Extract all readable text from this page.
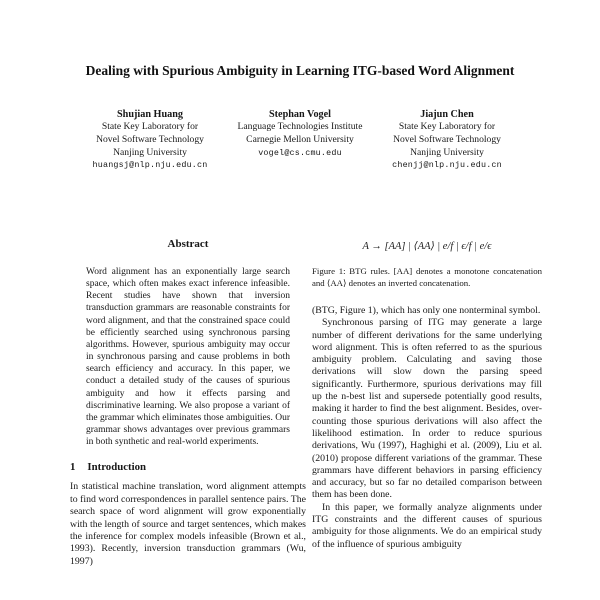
Dealing with Spurious Ambiguity in Learning ITG-based Word Alignment
Shujian Huang
State Key Laboratory for
Novel Software Technology
Nanjing University
huangsj@nlp.nju.edu.cn
Stephan Vogel
Language Technologies Institute
Carnegie Mellon University
vogel@cs.cmu.edu
Jiajun Chen
State Key Laboratory for
Novel Software Technology
Nanjing University
chenjj@nlp.nju.edu.cn
Abstract
Word alignment has an exponentially large search space, which often makes exact inference infeasible. Recent studies have shown that inversion transduction grammars are reasonable constraints for word alignment, and that the constrained space could be efficiently searched using synchronous parsing algorithms. However, spurious ambiguity may occur in synchronous parsing and cause problems in both search efficiency and accuracy. In this paper, we conduct a detailed study of the causes of spurious ambiguity and how it effects parsing and discriminative learning. We also propose a variant of the grammar which eliminates those ambiguities. Our grammar shows advantages over previous grammars in both synthetic and real-world experiments.
1 Introduction
In statistical machine translation, word alignment attempts to find word correspondences in parallel sentence pairs. The search space of word alignment will grow exponentially with the length of source and target sentences, which makes the inference for complex models infeasible (Brown et al., 1993). Recently, inversion transduction grammars (Wu, 1997)
A → [AA] | ⟨AA⟩ | e/f | ϵ/f | e/ϵ
Figure 1: BTG rules. [AA] denotes a monotone concatenation and ⟨AA⟩ denotes an inverted concatenation.
(BTG, Figure 1), which has only one nonterminal symbol.
Synchronous parsing of ITG may generate a large number of different derivations for the same underlying word alignment. This is often referred to as the spurious ambiguity problem. Calculating and saving those derivations will slow down the parsing speed significantly. Furthermore, spurious derivations may fill up the n-best list and supersede potentially good results, making it harder to find the best alignment. Besides, over-counting those spurious derivations will also affect the likelihood estimation. In order to reduce spurious derivations, Wu (1997), Haghighi et al. (2009), Liu et al. (2010) propose different variations of the grammar. These grammars have different behaviors in parsing efficiency and accuracy, but so far no detailed comparison between them has been done.
In this paper, we formally analyze alignments under ITG constraints and the different causes of spurious ambiguity for those alignments. We do an empirical study of the influence of spurious ambiguity
